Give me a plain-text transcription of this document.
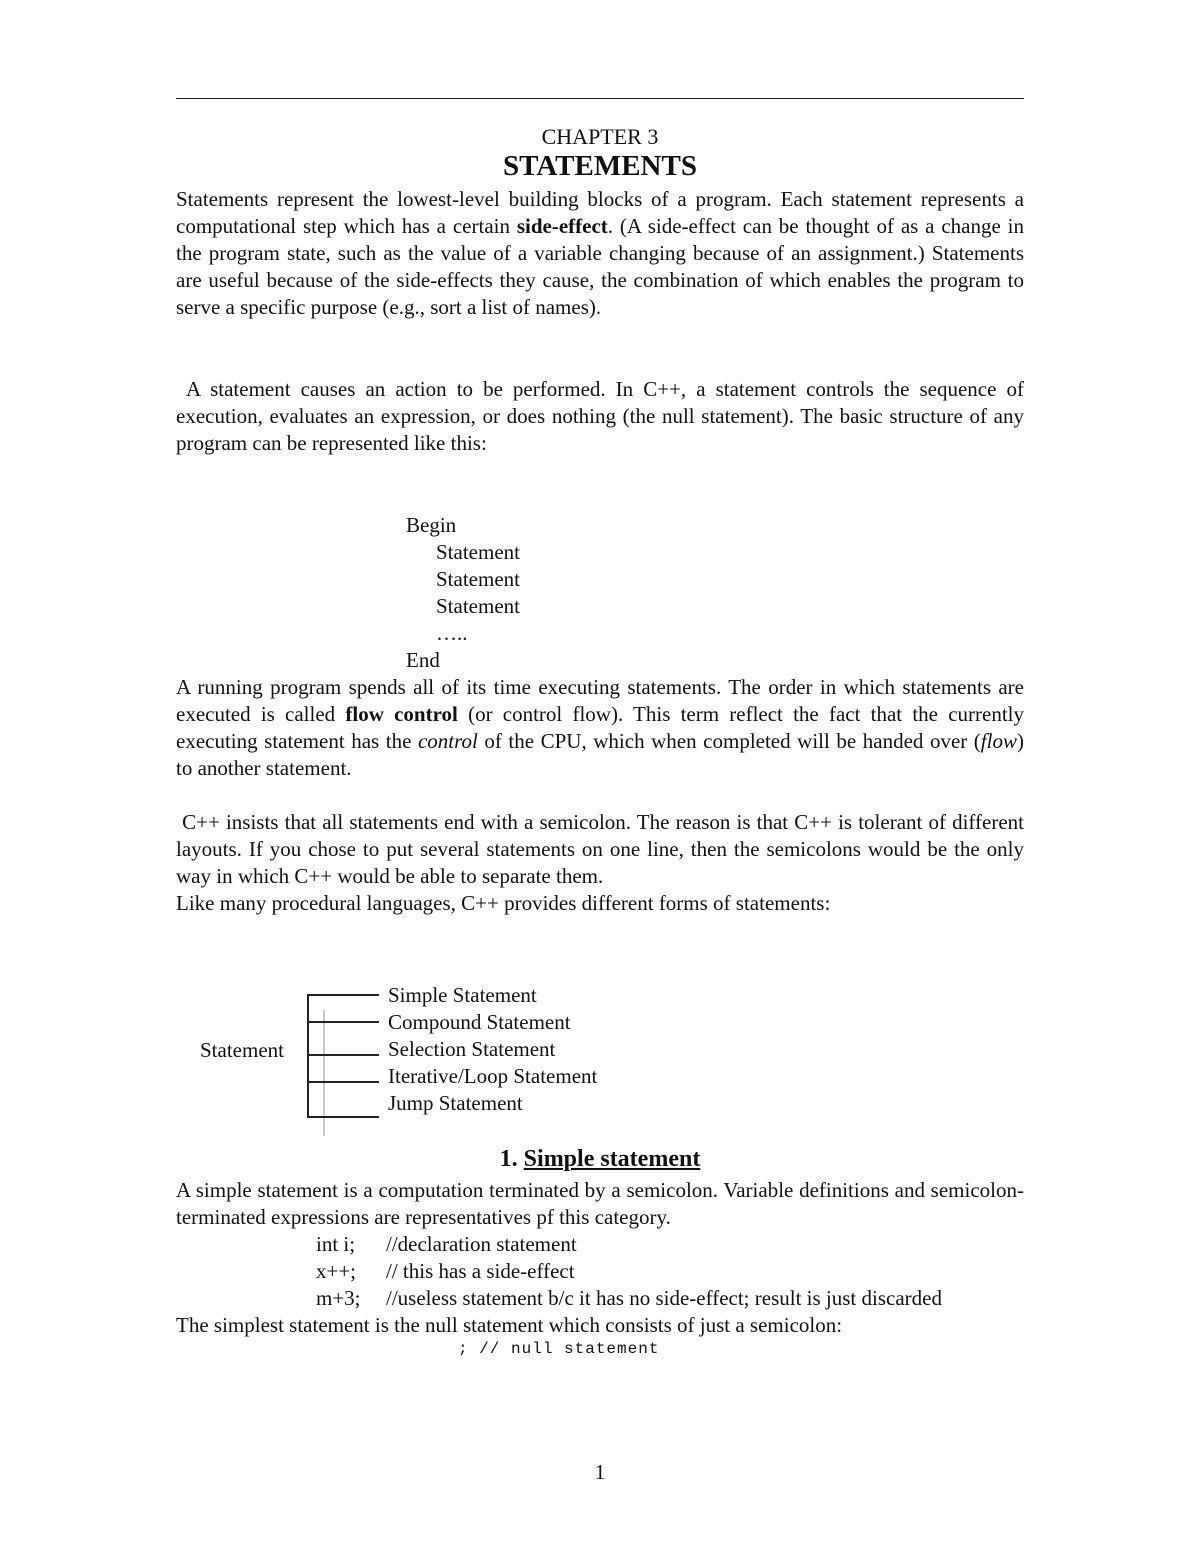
CHAPTER 3
STATEMENTS
Statements represent the lowest-level building blocks of a program. Each statement represents a computational step which has a certain side-effect. (A side-effect can be thought of as a change in the program state, such as the value of a variable changing because of an assignment.) Statements are useful because of the side-effects they cause, the combination of which enables the program to serve a specific purpose (e.g., sort a list of names).
A statement causes an action to be performed. In C++, a statement controls the sequence of execution, evaluates an expression, or does nothing (the null statement). The basic structure of any program can be represented like this:
Begin
Statement
Statement
Statement
…..
End
A running program spends all of its time executing statements. The order in which statements are executed is called flow control (or control flow). This term reflect the fact that the currently executing statement has the control of the CPU, which when completed will be handed over (flow) to another statement.
C++ insists that all statements end with a semicolon. The reason is that C++ is tolerant of different layouts. If you chose to put several statements on one line, then the semicolons would be the only way in which C++ would be able to separate them.
Like many procedural languages, C++ provides different forms of statements:
Statement
Simple Statement
Compound Statement
Selection Statement
Iterative/Loop Statement
Jump Statement
1. Simple statement
A simple statement is a computation terminated by a semicolon. Variable definitions and semicolon- terminated expressions are representatives pf this category.
int i; //declaration statement
x++; // this has a side-effect
m+3; //useless statement b/c it has no side-effect; result is just discarded
The simplest statement is the null statement which consists of just a semicolon:
; // null statement
1
